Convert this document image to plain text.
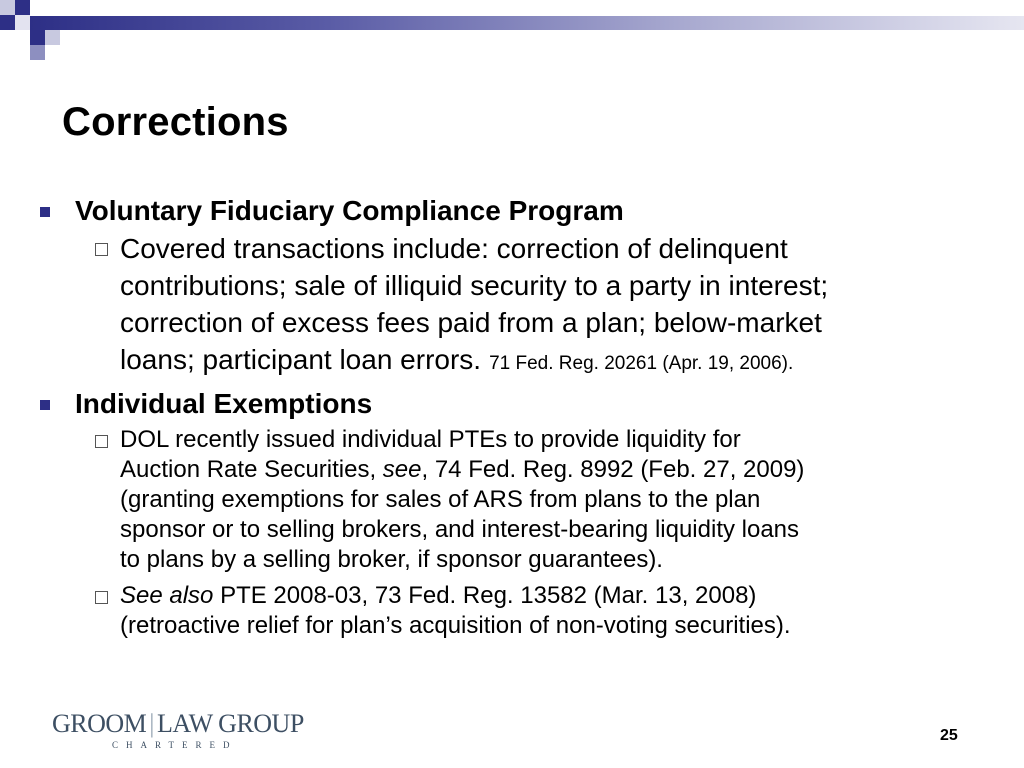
Corrections
Voluntary Fiduciary Compliance Program
Covered transactions include: correction of delinquent
contributions; sale of illiquid security to a party in interest;
correction of excess fees paid from a plan; below-market
loans; participant loan errors. 71 Fed. Reg. 20261 (Apr. 19, 2006).
Individual Exemptions
DOL recently issued individual PTEs to provide liquidity for
Auction Rate Securities, see, 74 Fed. Reg. 8992 (Feb. 27, 2009)
(granting exemptions for sales of ARS from plans to the plan
sponsor or to selling brokers, and interest-bearing liquidity loans
to plans by a selling broker, if sponsor guarantees).
See also PTE 2008-03, 73 Fed. Reg. 13582 (Mar. 13, 2008)
(retroactive relief for plan’s acquisition of non-voting securities).
GROOM | LAW GROUP
CHARTERED
25
